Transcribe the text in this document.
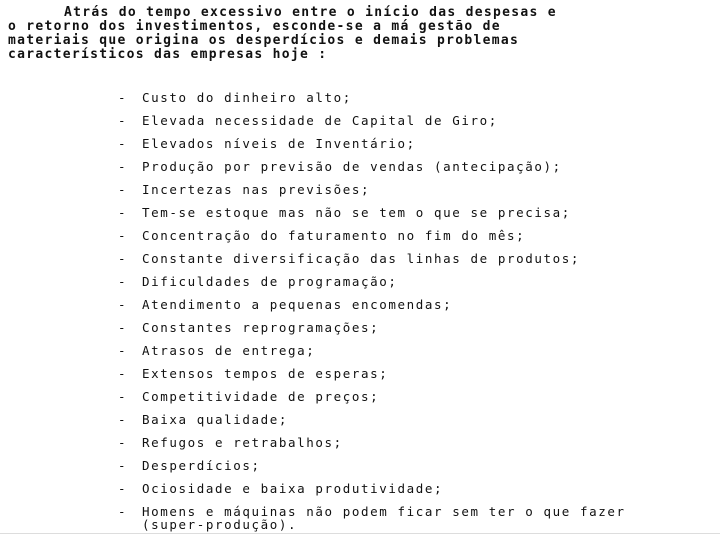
Atrás do tempo excessivo entre o início das despesas e
o retorno dos investimentos, esconde-se a má gestão de
materiais que origina os desperdícios e demais problemas
característicos das empresas hoje :
-	Custo do dinheiro alto;
-	Elevada necessidade de Capital de Giro;
-	Elevados níveis de Inventário;
-	Produção por previsão de vendas (antecipação);
-	Incertezas nas previsões;
-	Tem-se estoque mas não se tem o que se precisa;
-	Concentração do faturamento no fim do mês;
-	Constante diversificação das linhas de produtos;
-	Dificuldades de programação;
-	Atendimento a pequenas encomendas;
-	Constantes reprogramações;
-	Atrasos de entrega;
-	Extensos tempos de esperas;
-	Competitividade de preços;
-	Baixa qualidade;
-	Refugos e retrabalhos;
-	Desperdícios;
-	Ociosidade e baixa produtividade;
-	Homens e máquinas não podem ficar sem ter o que fazer (super-produção).
